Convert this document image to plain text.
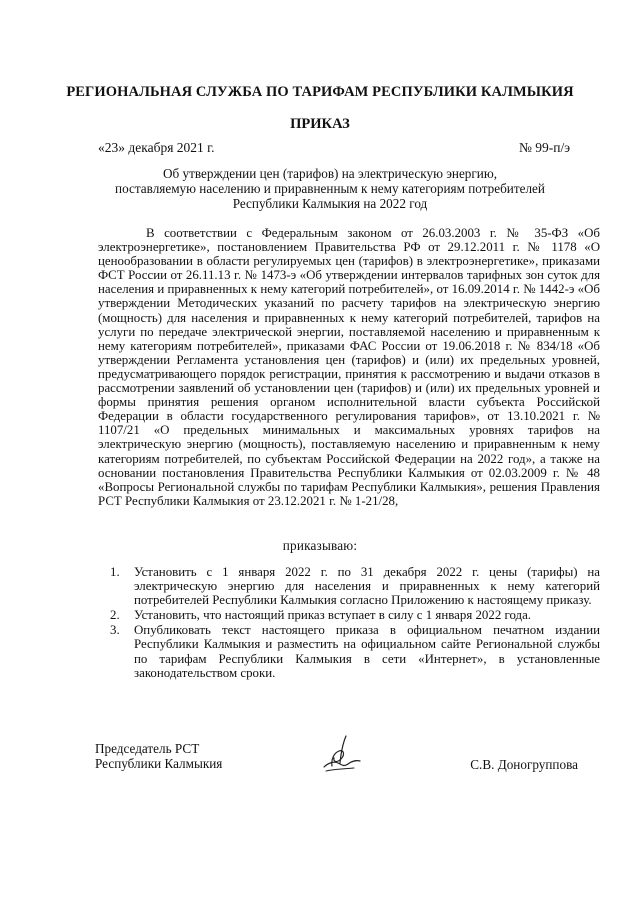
РЕГИОНАЛЬНАЯ СЛУЖБА ПО ТАРИФАМ РЕСПУБЛИКИ КАЛМЫКИЯ
ПРИКАЗ
«23» декабря 2021 г.	№ 99-п/э
Об утверждении цен (тарифов) на электрическую энергию,
поставляемую населению и приравненным к нему категориям потребителей
Республики Калмыкия на 2022 год

В соответствии с Федеральным законом от 26.03.2003 г. № 35-ФЗ «Об электроэнергетике», постановлением Правительства РФ от 29.12.2011 г. № 1178 «О ценообразовании в области регулируемых цен (тарифов) в электроэнергетике», приказами ФСТ России от 26.11.13 г. № 1473-э «Об утверждении интервалов тарифных зон суток для населения и приравненных к нему категорий потребителей», от 16.09.2014 г. № 1442-э «Об утверждении Методических указаний по расчету тарифов на электрическую энергию (мощность) для населения и приравненных к нему категорий потребителей, тарифов на услуги по передаче электрической энергии, поставляемой населению и приравненным к нему категориям потребителей», приказами ФАС России от 19.06.2018 г. № 834/18 «Об утверждении Регламента установления цен (тарифов) и (или) их предельных уровней, предусматривающего порядок регистрации, принятия к рассмотрению и выдачи отказов в рассмотрении заявлений об установлении цен (тарифов) и (или) их предельных уровней и формы принятия решения органом исполнительной власти субъекта Российской Федерации в области государственного регулирования тарифов», от 13.10.2021 г. № 1107/21 «О предельных минимальных и максимальных уровнях тарифов на электрическую энергию (мощность), поставляемую населению и приравненным к нему категориям потребителей, по субъектам Российской Федерации на 2022 год», а также на основании постановления Правительства Республики Калмыкия от 02.03.2009 г. № 48 «Вопросы Региональной службы по тарифам Республики Калмыкия», решения Правления РСТ Республики Калмыкия от 23.12.2021 г. № 1-21/28,

приказываю:
1. Установить с 1 января 2022 г. по 31 декабря 2022 г. цены (тарифы) на электрическую энергию для населения и приравненных к нему категорий потребителей Республики Калмыкия согласно Приложению к настоящему приказу.
2. Установить, что настоящий приказ вступает в силу с 1 января 2022 года.
3. Опубликовать текст настоящего приказа в официальном печатном издании Республики Калмыкия и разместить на официальном сайте Региональной службы по тарифам Республики Калмыкия в сети «Интернет», в установленные законодательством сроки.
Председатель РСТ
Республики Калмыкия	С.В. Доногруппова
